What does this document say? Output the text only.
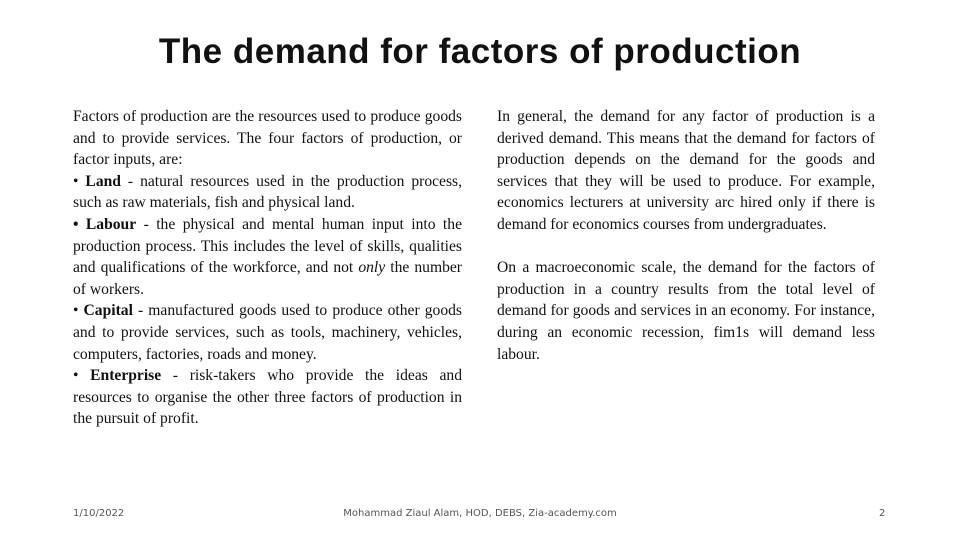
The demand for factors of production

Factors of production are the resources used to produce goods and to provide services. The four factors of production, or factor inputs, are:
• Land - natural resources used in the production process, such as raw materials, fish and physical land.
• Labour - the physical and mental human input into the production process. This includes the level of skills, qualities and qualifications of the workforce, and not only the number of workers.
• Capital - manufactured goods used to produce other goods and to provide services, such as tools, machinery, vehicles, computers, factories, roads and money.
• Enterprise - risk-takers who provide the ideas and resources to organise the other three factors of production in the pursuit of profit.

In general, the demand for any factor of production is a derived demand. This means that the demand for factors of production depends on the demand for the goods and services that they will be used to produce. For example, economics lecturers at university arc hired only if there is demand for economics courses from undergraduates.

On a macroeconomic scale, the demand for the factors of production in a country results from the total level of demand for goods and services in an economy. For instance, during an economic recession, fim1s will demand less labour.

1/10/2022	Mohammad Ziaul Alam, HOD, DEBS, Zia-academy.com	2
